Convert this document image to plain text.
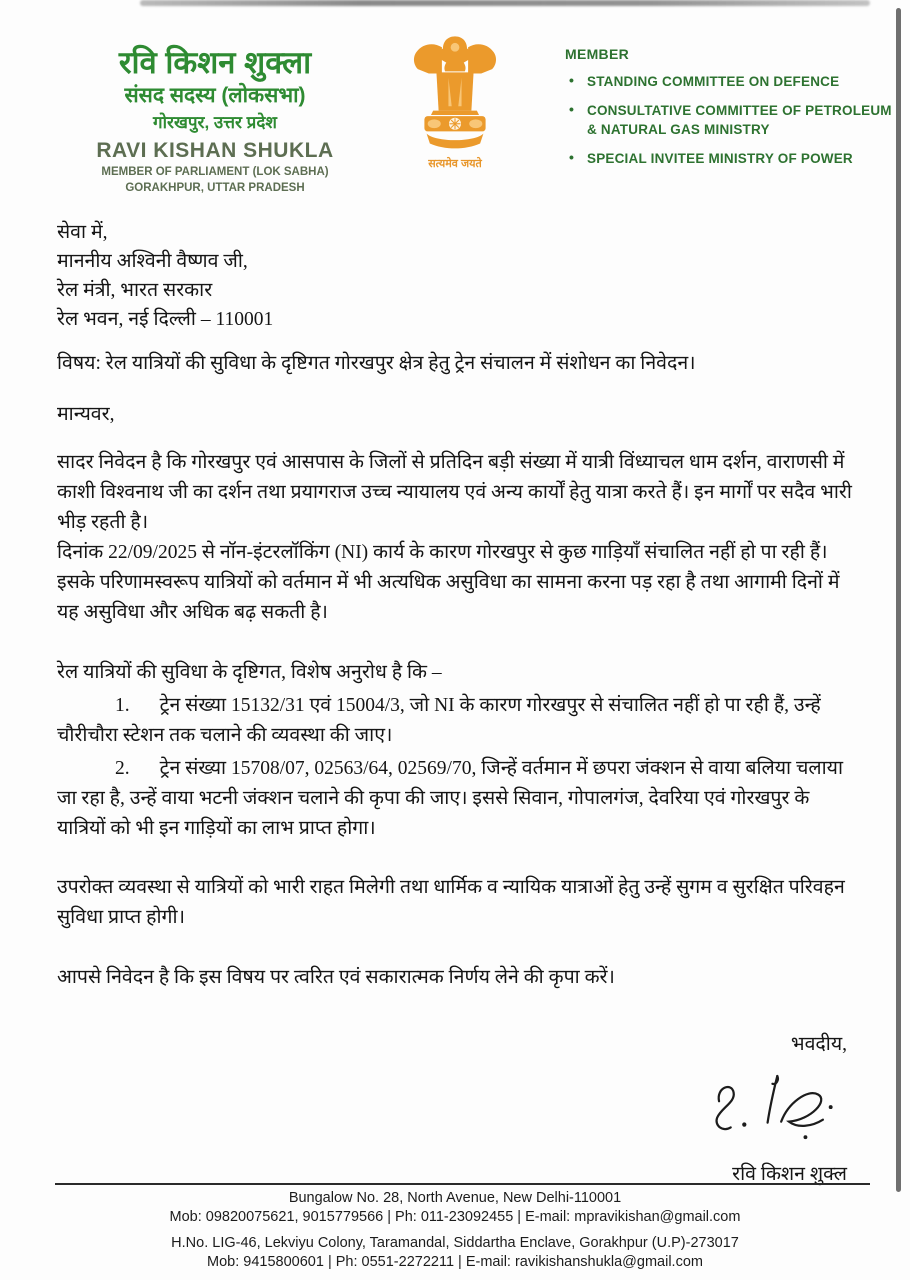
रवि किशन शुक्ला
संसद सदस्य (लोकसभा)
गोरखपुर, उत्तर प्रदेश
RAVI KISHAN SHUKLA
MEMBER OF PARLIAMENT (LOK SABHA)
GORAKHPUR, UTTAR PRADESH
सत्यमेव जयते
MEMBER
• STANDING COMMITTEE ON DEFENCE
• CONSULTATIVE COMMITTEE OF PETROLEUM & NATURAL GAS MINISTRY
• SPECIAL INVITEE MINISTRY OF POWER
सेवा में,
माननीय अश्विनी वैष्णव जी,
रेल मंत्री, भारत सरकार
रेल भवन, नई दिल्ली – 110001
विषय: रेल यात्रियों की सुविधा के दृष्टिगत गोरखपुर क्षेत्र हेतु ट्रेन संचालन में संशोधन का निवेदन।
मान्यवर,

सादर निवेदन है कि गोरखपुर एवं आसपास के जिलों से प्रतिदिन बड़ी संख्या में यात्री विंध्याचल धाम दर्शन, वाराणसी में काशी विश्वनाथ जी का दर्शन तथा प्रयागराज उच्च न्यायालय एवं अन्य कार्यों हेतु यात्रा करते हैं। इन मार्गों पर सदैव भारी भीड़ रहती है।

दिनांक 22/09/2025 से नॉन-इंटरलॉकिंग (NI) कार्य के कारण गोरखपुर से कुछ गाड़ियाँ संचालित नहीं हो पा रही हैं। इसके परिणामस्वरूप यात्रियों को वर्तमान में भी अत्यधिक असुविधा का सामना करना पड़ रहा है तथा आगामी दिनों में यह असुविधा और अधिक बढ़ सकती है।

रेल यात्रियों की सुविधा के दृष्टिगत, विशेष अनुरोध है कि –

1. ट्रेन संख्या 15132/31 एवं 15004/3, जो NI के कारण गोरखपुर से संचालित नहीं हो पा रही हैं, उन्हें चौरीचौरा स्टेशन तक चलाने की व्यवस्था की जाए।

2. ट्रेन संख्या 15708/07, 02563/64, 02569/70, जिन्हें वर्तमान में छपरा जंक्शन से वाया बलिया चलाया जा रहा है, उन्हें वाया भटनी जंक्शन चलाने की कृपा की जाए। इससे सिवान, गोपालगंज, देवरिया एवं गोरखपुर के यात्रियों को भी इन गाड़ियों का लाभ प्राप्त होगा।

उपरोक्त व्यवस्था से यात्रियों को भारी राहत मिलेगी तथा धार्मिक व न्यायिक यात्राओं हेतु उन्हें सुगम व सुरक्षित परिवहन सुविधा प्राप्त होगी।

आपसे निवेदन है कि इस विषय पर त्वरित एवं सकारात्मक निर्णय लेने की कृपा करें।

भवदीय,
रवि किशन शुक्ल
Bungalow No. 28, North Avenue, New Delhi-110001
Mob: 09820075621, 9015779566 | Ph: 011-23092455 | E-mail: mpravikishan@gmail.com
H.No. LIG-46, Lekviyu Colony, Taramandal, Siddartha Enclave, Gorakhpur (U.P)-273017
Mob: 9415800601 | Ph: 0551-2272211 | E-mail: ravikishanshukla@gmail.com
